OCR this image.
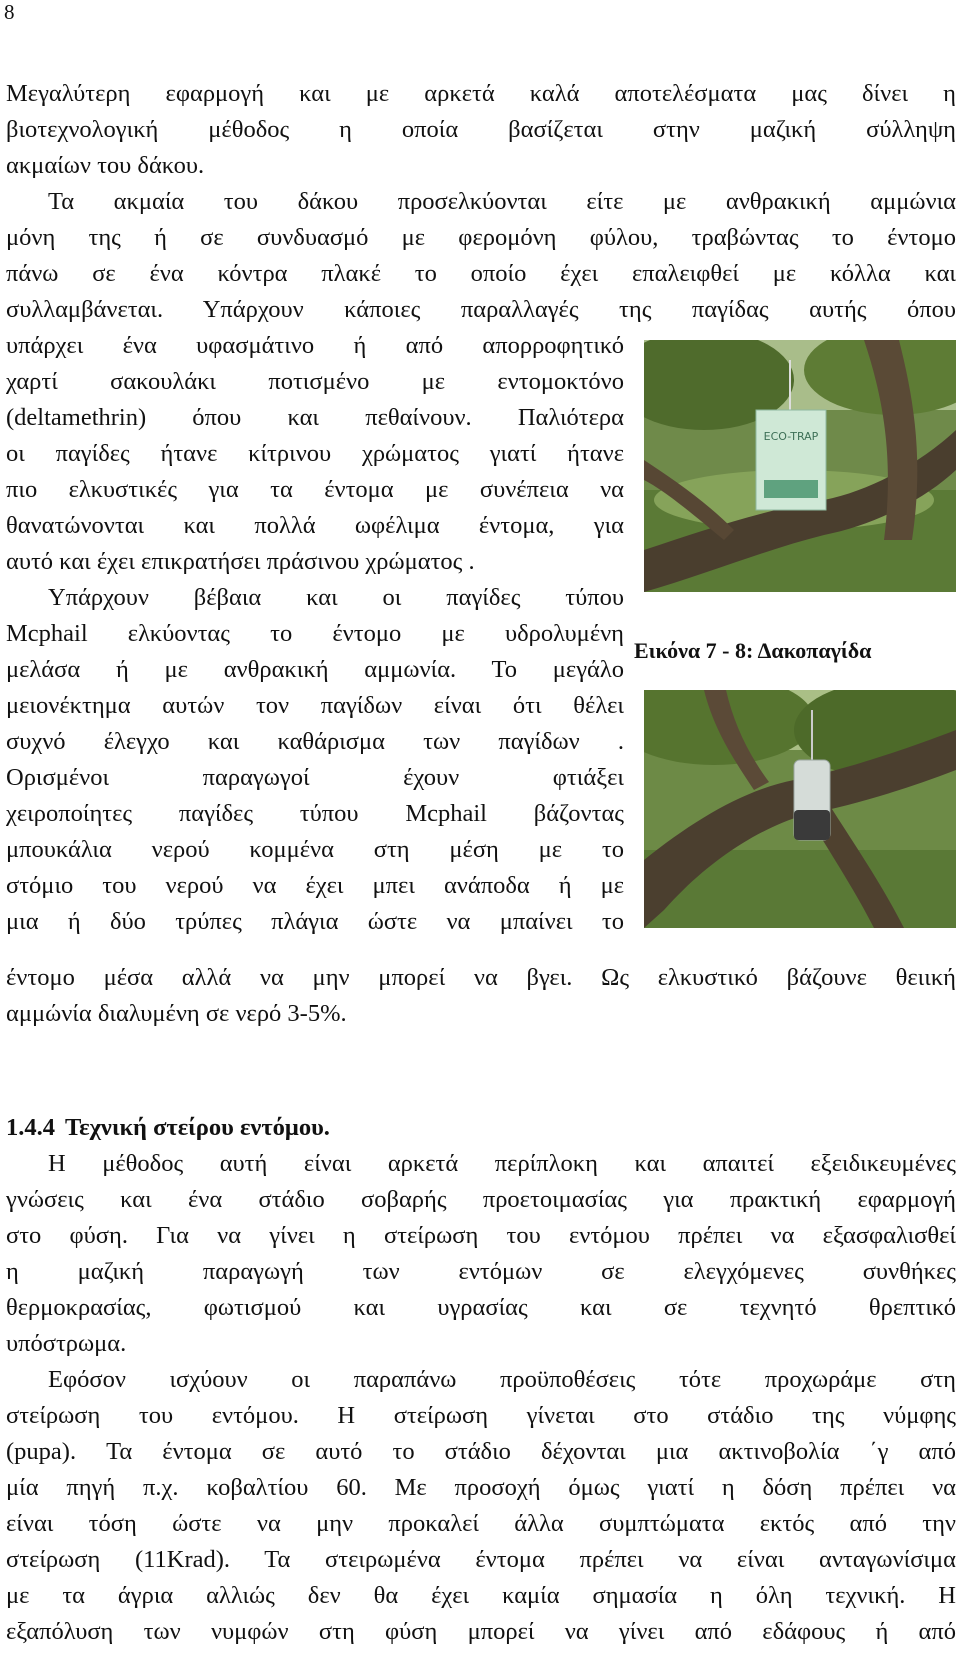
8
Μεγαλύτερη εφαρμογή και με αρκετά καλά αποτελέσματα μας δίνει η
βιοτεχνολογική μέθοδος η οποία βασίζεται στην μαζική σύλληψη
ακμαίων του δάκου.
Τα ακμαία του δάκου προσελκύονται είτε με ανθρακική αμμώνια
μόνη της ή σε συνδυασμό με φερομόνη φύλου, τραβώντας το έντομο
πάνω σε ένα κόντρα πλακέ το οποίο έχει επαλειφθεί με κόλλα και
συλλαμβάνεται. Υπάρχουν κάποιες παραλλαγές της παγίδας αυτής όπου
υπάρχει ένα υφασμάτινο ή από απορροφητικό
χαρτί σακουλάκι ποτισμένο με εντομοκτόνο
(deltamethrin) όπου και πεθαίνουν. Παλιότερα
οι παγίδες ήτανε κίτρινου χρώματος γιατί ήτανε
πιο ελκυστικές για τα έντομα με συνέπεια να
θανατώνονται και πολλά ωφέλιμα έντομα, για
αυτό και έχει επικρατήσει πράσινου χρώματος .
Υπάρχουν βέβαια και οι παγίδες τύπου
Mcphail ελκύοντας το έντομο με υδρολυμένη
μελάσα ή με ανθρακική αμμωνία. Το μεγάλο
μειονέκτημα αυτών τον παγίδων είναι ότι θέλει
συχνό έλεγχο και καθάρισμα των παγίδων .
Ορισμένοι παραγωγοί έχουν φτιάξει
χειροποίητες παγίδες τύπου Mcphail βάζοντας
μπουκάλια νερού κομμένα στη μέση με το
στόμιο του νερού να έχει μπει ανάποδα ή με
μια ή δύο τρύπες πλάγια ώστε να μπαίνει το
έντομο μέσα αλλά να μην μπορεί να βγει. Ως ελκυστικό βάζουνε θειική
αμμώνία διαλυμένη σε νερό 3-5%.
ECO-TRAP
Εικόνα 7 - 8: Δακοπαγίδα
1.4.4 Τεχνική στείρου εντόμου.
Η μέθοδος αυτή είναι αρκετά περίπλοκη και απαιτεί εξειδικευμένες
γνώσεις και ένα στάδιο σοβαρής προετοιμασίας για πρακτική εφαρμογή
στο φύση. Για να γίνει η στείρωση του εντόμου πρέπει να εξασφαλισθεί
η μαζική παραγωγή των εντόμων σε ελεγχόμενες συνθήκες
θερμοκρασίας, φωτισμού και υγρασίας και σε τεχνητό θρεπτικό
υπόστρωμα.
Εφόσον ισχύουν οι παραπάνω προϋποθέσεις τότε προχωράμε στη
στείρωση του εντόμου. Η στείρωση γίνεται στο στάδιο της νύμφης
(pupa). Τα έντομα σε αυτό το στάδιο δέχονται μια ακτινοβολία ΄γ από
μία πηγή π.χ. κοβαλτίου 60. Με προσοχή όμως γιατί η δόση πρέπει να
είναι τόση ώστε να μην προκαλεί άλλα συμπτώματα εκτός από την
στείρωση (11Krad). Τα στειρωμένα έντομα πρέπει να είναι ανταγωνίσιμα
με τα άγρια αλλιώς δεν θα έχει καμία σημασία η όλη τεχνική. Η
εξαπόλυση των νυμφών στη φύση μπορεί να γίνει από εδάφους ή από
